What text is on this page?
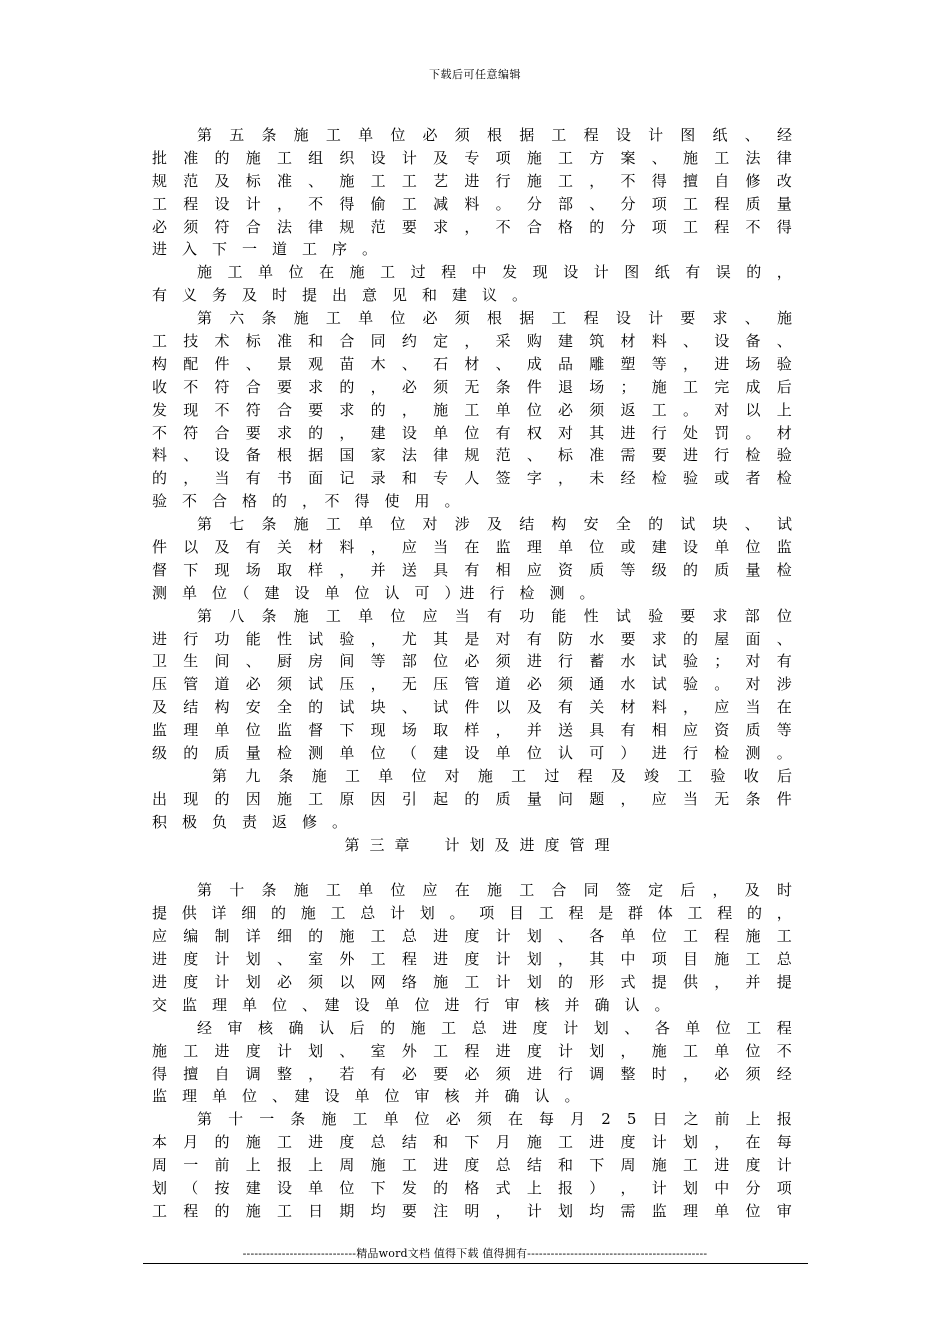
下载后可任意编辑
第 五 条 施 工 单 位 必 须 根 据 工 程 设 计 图 纸 、 经
批 准 的 施 工 组 织 设 计 及 专 项 施 工 方 案 、 施 工 法 律
规 范 及 标 准 、 施 工 工 艺 进 行 施 工 ， 不 得 擅 自 修 改
工 程 设 计 ， 不 得 偷 工 减 料 。 分 部 、 分 项 工 程 质 量
必 须 符 合 法 律 规 范 要 求 ， 不 合 格 的 分 项 工 程 不 得
进　入　下　一　道　工　序　。
施 工 单 位 在 施 工 过 程 中 发 现 设 计 图 纸 有 误 的 ，
有　义　务　及　时　提　出　意　见　和　建　议　。
第 六 条 施 工 单 位 必 须 根 据 工 程 设 计 要 求 、 施
工 技 术 标 准 和 合 同 约 定 ， 采 购 建 筑 材 料 、 设 备 、
构 配 件 、 景 观 苗 木 、 石 材 、 成 品 雕 塑 等 ， 进 场 验
收 不 符 合 要 求 的 ， 必 须 无 条 件 退 场 ； 施 工 完 成 后
发 现 不 符 合 要 求 的 ， 施 工 单 位 必 须 返 工 。 对 以 上
不 符 合 要 求 的 ， 建 设 单 位 有 权 对 其 进 行 处 罚 。 材
料 、 设 备 根 据 国 家 法 律 规 范 、 标 准 需 要 进 行 检 验
的 ， 当 有 书 面 记 录 和 专 人 签 字 ， 未 经 检 验 或 者 检
验　不　合　格　的　，　不　得　使　用　。
第 七 条 施 工 单 位 对 涉 及 结 构 安 全 的 试 块 、 试
件 以 及 有 关 材 料 ， 应 当 在 监 理 单 位 或 建 设 单 位 监
督 下 现 场 取 样 ， 并 送 具 有 相 应 资 质 等 级 的 质 量 检
测　单　位　（　建　设　单　位　认　可　）进　行　检　测　。
第 八 条 施 工 单 位 应 当 有 功 能 性 试 验 要 求 部 位
进 行 功 能 性 试 验 ， 尤 其 是 对 有 防 水 要 求 的 屋 面 、
卫 生 间 、 厨 房 间 等 部 位 必 须 进 行 蓄 水 试 验 ； 对 有
压 管 道 必 须 试 压 ， 无 压 管 道 必 须 通 水 试 验 。 对 涉
及 结 构 安 全 的 试 块 、 试 件 以 及 有 关 材 料 ， 应 当 在
监 理 单 位 监 督 下 现 场 取 样 ， 并 送 具 有 相 应 资 质 等
级 的 质 量 检 测 单 位 （ 建 设 单 位 认 可 ） 进 行 检 测 。
第 九 条 施 工 单 位 对 施 工 过 程 及 竣 工 验 收 后
出 现 的 因 施 工 原 因 引 起 的 质 量 问 题 ， 应 当 无 条 件
积　极　负　责　返　修　。
第三章　计划及进度管理
第 十 条 施 工 单 位 应 在 施 工 合 同 签 定 后 ， 及 时
提 供 详 细 的 施 工 总 计 划 。 项 目 工 程 是 群 体 工 程 的 ，
应 编 制 详 细 的 施 工 总 进 度 计 划 、 各 单 位 工 程 施 工
进 度 计 划 、 室 外 工 程 进 度 计 划 ， 其 中 项 目 施 工 总
进 度 计 划 必 须 以 网 络 施 工 计 划 的 形 式 提 供 ， 并 提
交　监　理　单　位　、　建　设　单　位　进　行　审　核　并　确　认　。
经 审 核 确 认 后 的 施 工 总 进 度 计 划 、 各 单 位 工 程
施 工 进 度 计 划 、 室 外 工 程 进 度 计 划 ， 施 工 单 位 不
得 擅 自 调 整 ， 若 有 必 要 必 须 进 行 调 整 时 ， 必 须 经
监　理　单　位　、　建　设　单　位　审　核　并　确　认　。
第 十 一 条 施 工 单 位 必 须 在 每 月 2 5 日 之 前 上 报
本 月 的 施 工 进 度 总 结 和 下 月 施 工 进 度 计 划 ， 在 每
周 一 前 上 报 上 周 施 工 进 度 总 结 和 下 周 施 工 进 度 计
划 （ 按 建 设 单 位 下 发 的 格 式 上 报 ） ， 计 划 中 分 项
工 程 的 施 工 日 期 均 要 注 明 ， 计 划 均 需 监 理 单 位 审
-----------------------------精品word文档 值得下载 值得拥有----------------------------------------------
